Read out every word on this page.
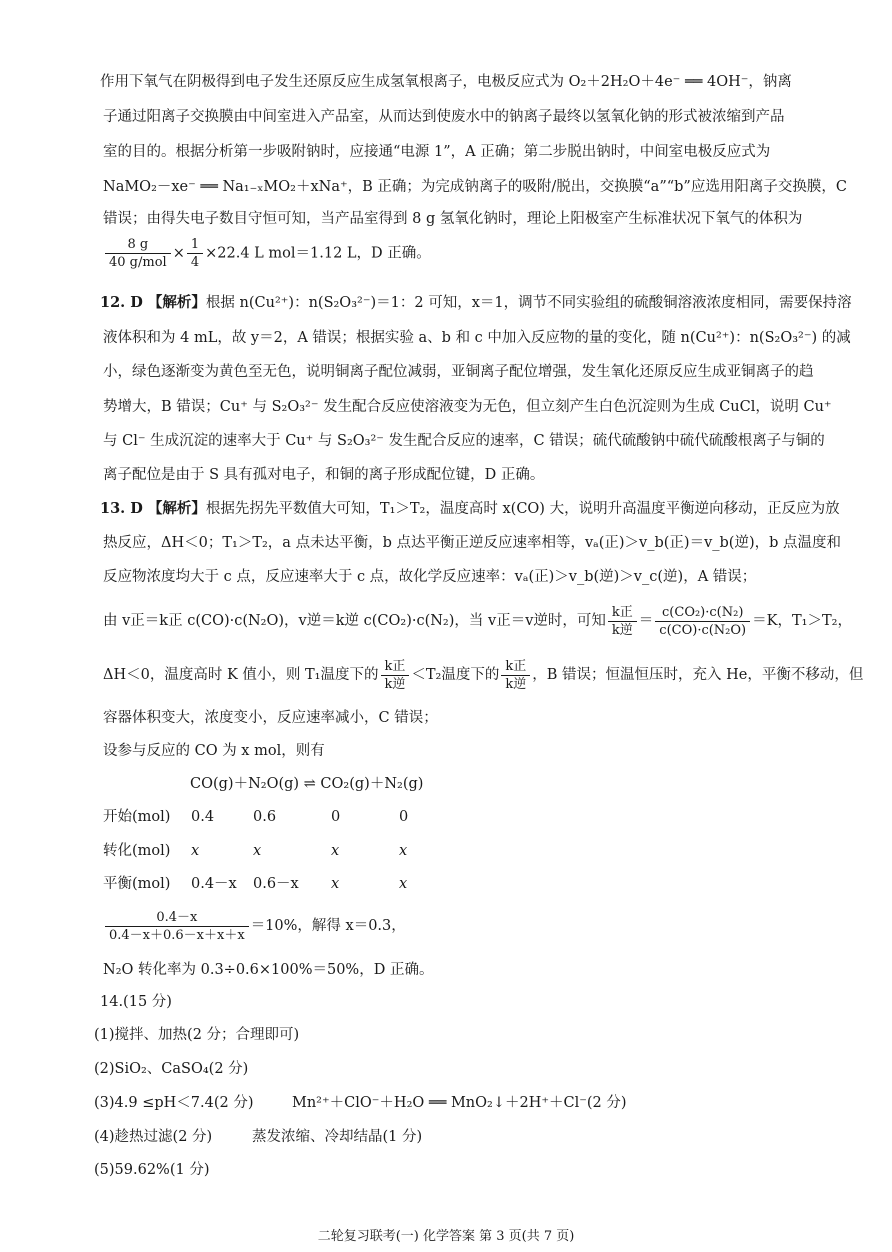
作用下氧气在阴极得到电子发生还原反应生成氢氧根离子，电极反应式为 O₂＋2H₂O＋4e⁻ ══ 4OH⁻，钠离
子通过阳离子交换膜由中间室进入产品室，从而达到使废水中的钠离子最终以氢氧化钠的形式被浓缩到产品
室的目的。根据分析第一步吸附钠时，应接通“电源 1”，A 正确；第二步脱出钠时，中间室电极反应式为
NaMO₂－xe⁻ ══ Na₁₋ₓMO₂＋xNa⁺，B 正确；为完成钠离子的吸附/脱出，交换膜“a”“b”应选用阳离子交换膜，C
错误；由得失电子数目守恒可知，当产品室得到 8 g 氢氧化钠时，理论上阳极室产生标准状况下氧气的体积为
$\frac{8 g}{\text{40 g/mol}} \times \frac{1}{4} \times 22.4$ L mol＝1.12 L，D 正确。
12. D 【解析】根据 n(Cu²⁺)：n(S₂O₃²⁻)＝1：2 可知，x＝1，调节不同实验组的硫酸铜溶液浓度相同，需要保持溶
液体积和为 4 mL，故 y＝2，A 错误；根据实验 a、b 和 c 中加入反应物的量的变化，随 n(Cu²⁺)：n(S₂O₃²⁻) 的减
小，绿色逐渐变为黄色至无色，说明铜离子配位减弱，亚铜离子配位增强，发生氧化还原反应生成亚铜离子的趋
势增大，B 错误；Cu⁺ 与 S₂O₃²⁻ 发生配合反应使溶液变为无色，但立刻产生白色沉淀则为生成 CuCl，说明 Cu⁺
与 Cl⁻ 生成沉淀的速率大于 Cu⁺ 与 S₂O₃²⁻ 发生配合反应的速率，C 错误；硫代硫酸钠中硫代硫酸根离子与铜的
离子配位是由于 S 具有孤对电子，和铜的离子形成配位键，D 正确。
13. D 【解析】根据先拐先平数值大可知，T₁＞T₂，温度高时 x(CO) 大，说明升高温度平衡逆向移动，正反应为放
热反应，ΔH＜0；T₁＞T₂，a 点未达平衡，b 点达平衡正逆反应速率相等，vₐ(正)＞v_b(正)＝v_b(逆)，b 点温度和
反应物浓度均大于 c 点，反应速率大于 c 点，故化学反应速率：vₐ(正)＞v_b(逆)＞v_c(逆)，A 错误；
由 v正＝k正 c(CO)·c(N₂O)，v逆＝k逆 c(CO₂)·c(N₂)，当 v正＝v逆时，可知 $\frac{\text{k正}}{\text{k逆}} = \frac{\text{c(CO₂)·c(N₂)}}{\text{c(CO)·c(N₂O)}} =K$，T₁＞T₂，
ΔH＜0，温度高时 K 值小，则 T₁温度下的 $\frac{\text{k正}}{\text{k逆}} <T_2$温度下的 $\frac{\text{k正}}{\text{k逆}}$ ，B 错误；恒温恒压时，充入 He，平衡不移动，但
容器体积变大，浓度变小，反应速率减小，C 错误；
设参与反应的 CO 为 x mol，则有
CO(g)＋N₂O(g) ⇌ CO₂(g)＋N₂(g)
开始(mol) 0.4	0.6	0	0
转化(mol) x	x	x	x
平衡(mol) 0.4－x 0.6－x x	x
$\frac{0.4-x}{0.4-x+0.6-x+x+x} =10\%$，解得 x＝0.3，
N₂O 转化率为 0.3÷0.6×100%＝50%，D 正确。
14.(15 分)
(1)搅拌、加热(2 分；合理即可)
(2)SiO₂、CaSO₄(2 分)
(3)4.9 ≤pH＜7.4(2 分)	Mn²⁺＋ClO⁻＋H₂O ══ MnO₂↓＋2H⁺＋Cl⁻(2 分)
(4)趁热过滤(2 分)	蒸发浓缩、冷却结晶(1 分)
(5)59.62%(1 分)
二轮复习联考(一) 化学答案 第 3 页(共 7 页)
